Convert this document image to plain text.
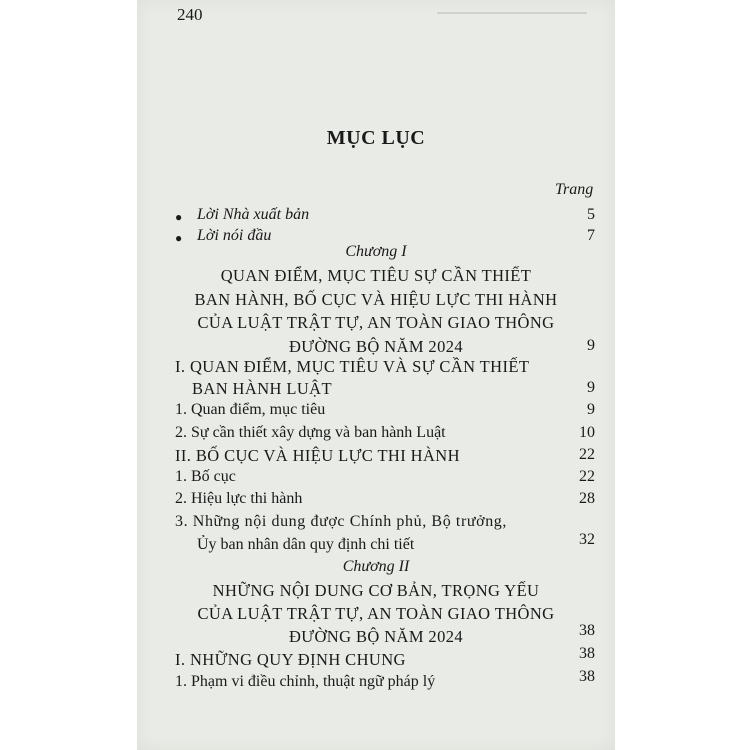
240
MỤC LỤC
Trang
● Lời Nhà xuất bản	5
● Lời nói đầu	7
Chương I
QUAN ĐIỂM, MỤC TIÊU SỰ CẦN THIẾT
BAN HÀNH, BỐ CỤC VÀ HIỆU LỰC THI HÀNH
CỦA LUẬT TRẬT TỰ, AN TOÀN GIAO THÔNG
ĐƯỜNG BỘ NĂM 2024	9
I. QUAN ĐIỂM, MỤC TIÊU VÀ SỰ CẦN THIẾT
BAN HÀNH LUẬT	9
1. Quan điểm, mục tiêu	9
2. Sự cần thiết xây dựng và ban hành Luật	10
II. BỐ CỤC VÀ HIỆU LỰC THI HÀNH	22
1. Bố cục	22
2. Hiệu lực thi hành	28
3. Những nội dung được Chính phủ, Bộ trưởng,
Ủy ban nhân dân quy định chi tiết	32
Chương II
NHỮNG NỘI DUNG CƠ BẢN, TRỌNG YẾU
CỦA LUẬT TRẬT TỰ, AN TOÀN GIAO THÔNG
ĐƯỜNG BỘ NĂM 2024	38
I. NHỮNG QUY ĐỊNH CHUNG	38
1. Phạm vi điều chỉnh, thuật ngữ pháp lý	38
